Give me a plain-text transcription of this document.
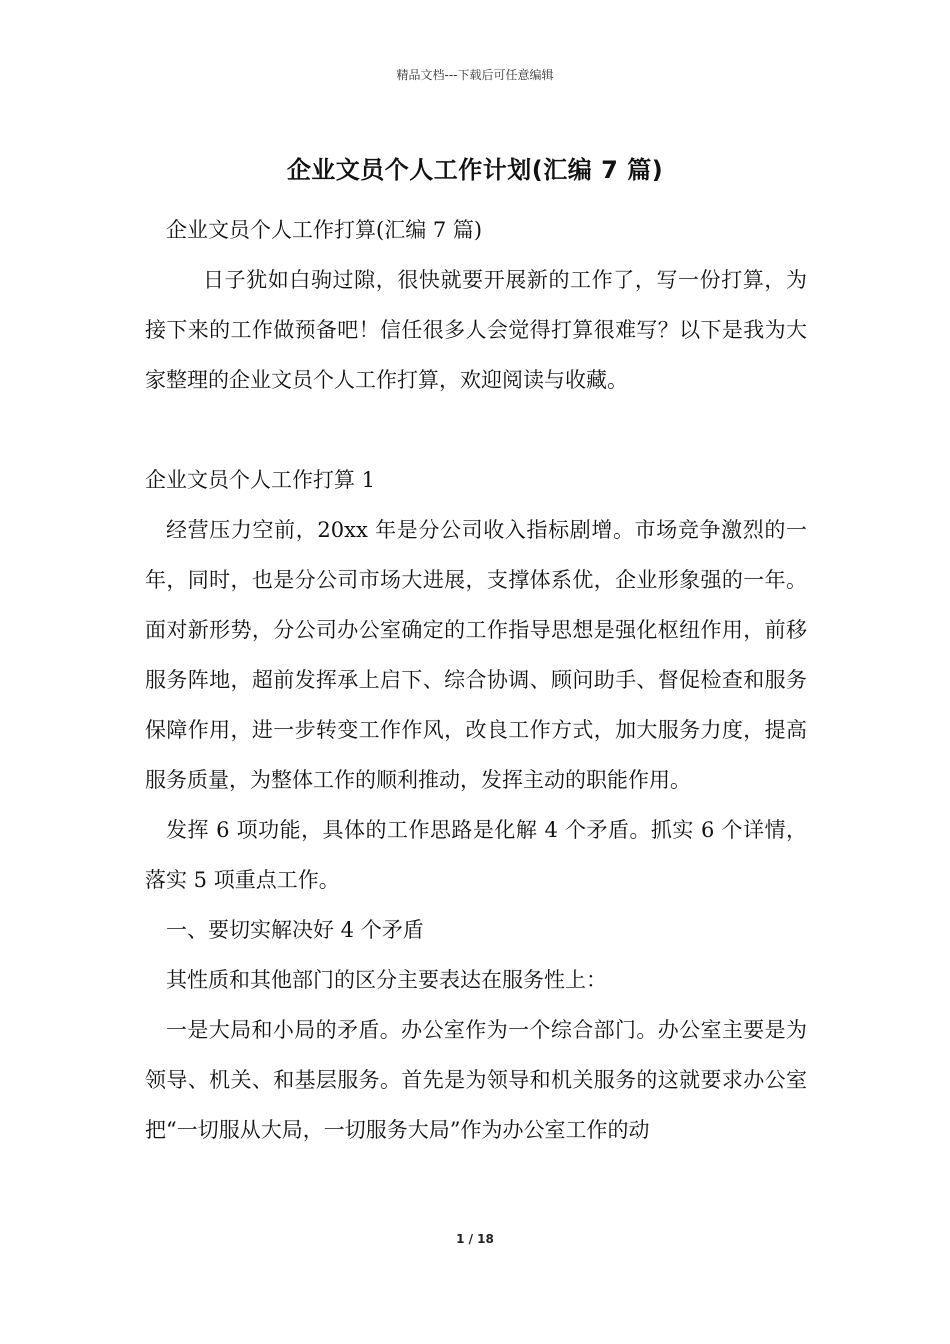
精品文档---下载后可任意编辑
企业文员个人工作计划(汇编 7 篇)

企业文员个人工作打算(汇编 7 篇)

日子犹如白驹过隙，很快就要开展新的工作了，写一份打算，为接下来的工作做预备吧！信任很多人会觉得打算很难写？以下是我为大家整理的企业文员个人工作打算，欢迎阅读与收藏。

企业文员个人工作打算 1

经营压力空前，20xx 年是分公司收入指标剧增。市场竞争激烈的一年，同时，也是分公司市场大进展，支撑体系优，企业形象强的一年。面对新形势，分公司办公室确定的工作指导思想是强化枢纽作用，前移服务阵地，超前发挥承上启下、综合协调、顾问助手、督促检查和服务保障作用，进一步转变工作作风，改良工作方式，加大服务力度，提高服务质量，为整体工作的顺利推动，发挥主动的职能作用。

发挥 6 项功能，具体的工作思路是化解 4 个矛盾。抓实 6 个详情，落实 5 项重点工作。

一、要切实解决好 4 个矛盾

其性质和其他部门的区分主要表达在服务性上：

一是大局和小局的矛盾。办公室作为一个综合部门。办公室主要是为领导、机关、和基层服务。首先是为领导和机关服务的这就要求办公室把“一切服从大局，一切服务大局”作为办公室工作的动

1 / 18
